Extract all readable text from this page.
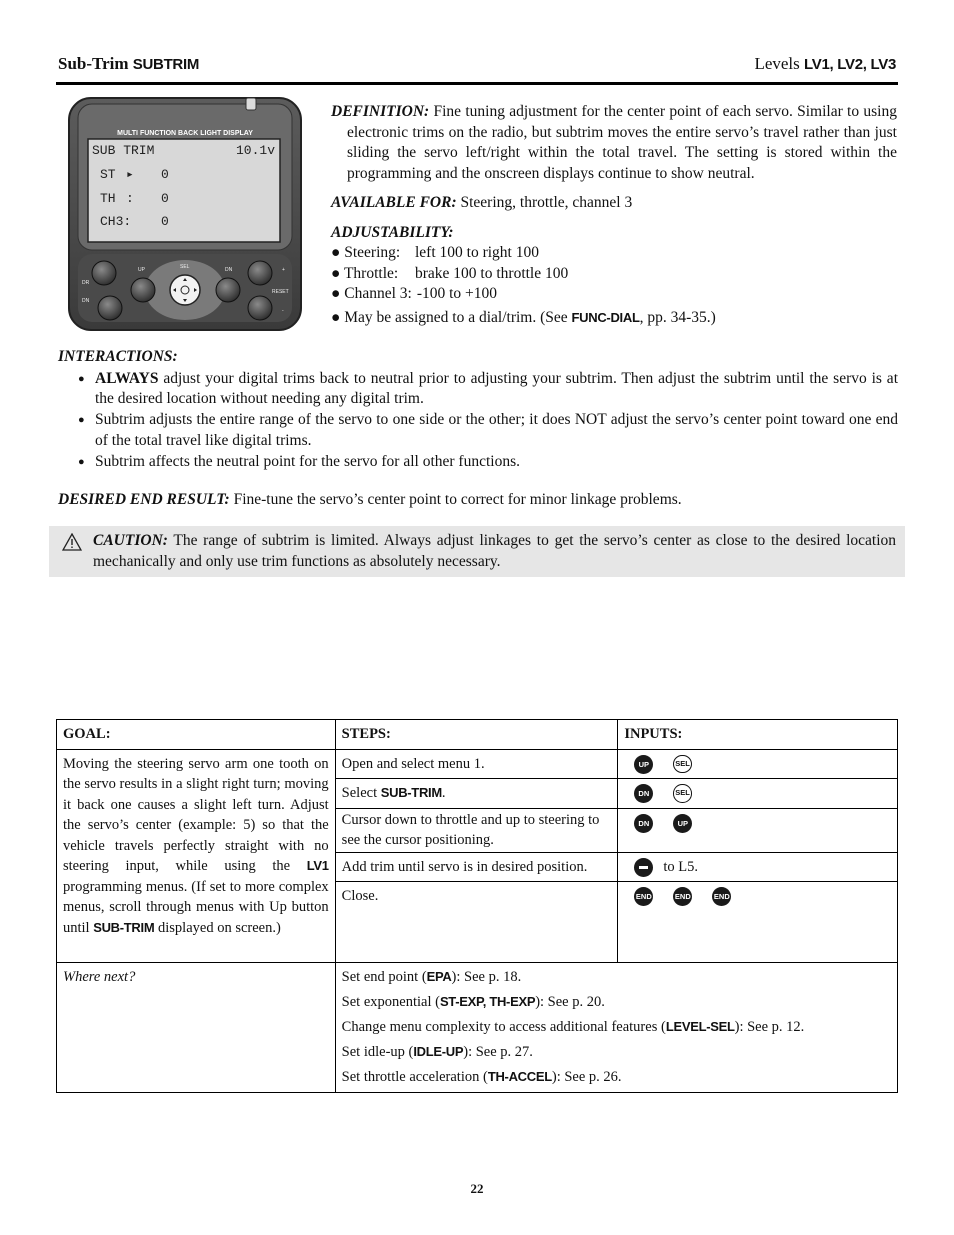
Sub-Trim SUBTRIM	Levels LV1, LV2, LV3
MULTI FUNCTION BACK LIGHT DISPLAY
SUB TRIM	10.1v
ST ▸ 0
TH : 0
CH3: 0
DR
UP	SEL	DN
DN
RESET
+
-

DEFINITION: Fine tuning adjustment for the center point of each servo. Similar to using electronic trims on the radio, but subtrim moves the entire servo’s travel rather than just sliding the servo left/right within the total travel. The setting is stored within the programming and the onscreen displays continue to show neutral.

AVAILABLE FOR: Steering, throttle, channel 3

ADJUSTABILITY:

● Steering: left 100 to right 100
● Throttle:	brake 100 to throttle 100
● Channel 3: -100 to +100
● May be assigned to a dial/trim. (See FUNC-DIAL, pp. 34-35.)

INTERACTIONS:

● ALWAYS adjust your digital trims back to neutral prior to adjusting your subtrim. Then adjust the subtrim until the servo is at the desired location without needing any digital trim.
● Subtrim adjusts the entire range of the servo to one side or the other; it does NOT adjust the servo’s center point toward one end of the total travel like digital trims.
● Subtrim affects the neutral point for the servo for all other functions.
DESIRED END RESULT: Fine-tune the servo’s center point to correct for minor linkage problems.
CAUTION: The range of subtrim is limited. Always adjust linkages to get the servo’s center as close to the desired location mechanically and only use trim functions as absolutely necessary.
GOAL:	STEPS:	INPUTS:
Moving the steering servo arm one tooth on the servo results in a slight right turn; moving it back one causes a slight left turn. Adjust the servo’s center (example: 5) so that the vehicle travels perfectly straight with no steering input, while using the LV1 programming menus. (If set to more complex menus, scroll through menus with Up button until SUB-TRIM displayed on screen.)	Open and select menu 1.	UP SEL
	Select SUB-TRIM.	DN SEL
	Cursor down to throttle and up to steering to see the cursor positioning.	DN UP
	Add trim until servo is in desired position.	to L5.
	Close.	END END END
Where next?	Set end point (EPA): See p. 18.
Set exponential (ST-EXP, TH-EXP): See p. 20.
Change menu complexity to access additional features (LEVEL-SEL): See p. 12.
Set idle-up (IDLE-UP): See p. 27.
Set throttle acceleration (TH-ACCEL): See p. 26.	
22
